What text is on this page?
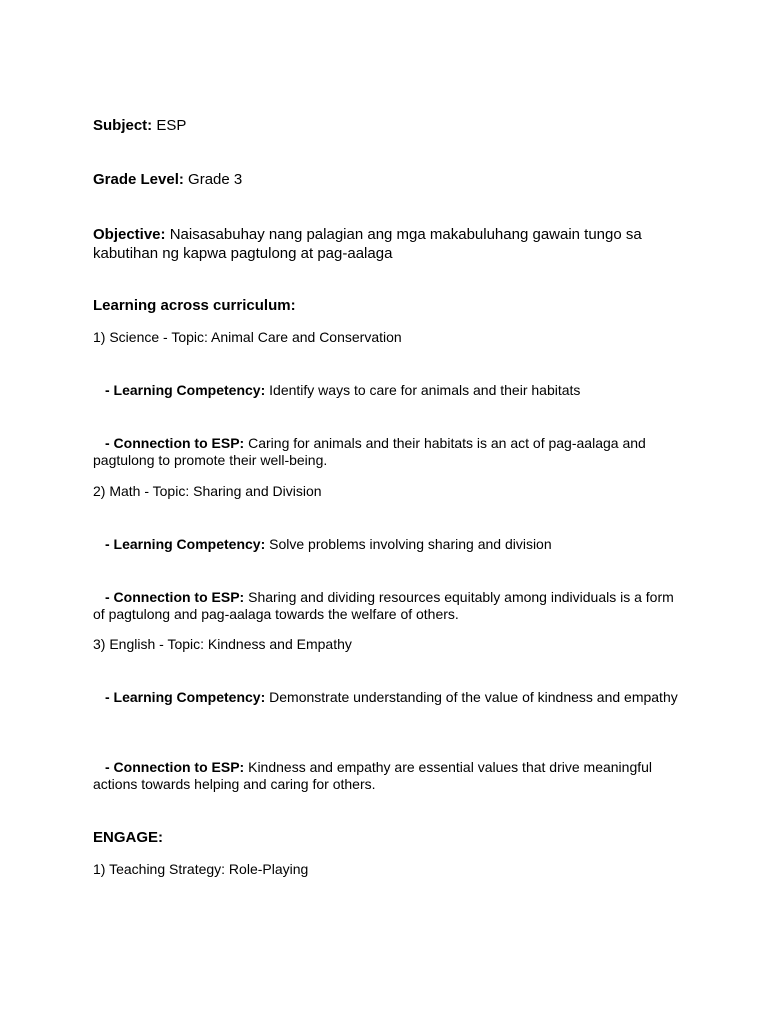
Subject: ESP
Grade Level: Grade 3
Objective: Naisasabuhay nang palagian ang mga makabuluhang gawain tungo sa kabutihan ng kapwa pagtulong at pag-aalaga
Learning across curriculum:
1) Science - Topic: Animal Care and Conservation
- Learning Competency: Identify ways to care for animals and their habitats
- Connection to ESP: Caring for animals and their habitats is an act of pag-aalaga and pagtulong to promote their well-being.
2) Math - Topic: Sharing and Division
- Learning Competency: Solve problems involving sharing and division
- Connection to ESP: Sharing and dividing resources equitably among individuals is a form of pagtulong and pag-aalaga towards the welfare of others.
3) English - Topic: Kindness and Empathy
- Learning Competency: Demonstrate understanding of the value of kindness and empathy
- Connection to ESP: Kindness and empathy are essential values that drive meaningful actions towards helping and caring for others.
ENGAGE:
1) Teaching Strategy: Role-Playing
